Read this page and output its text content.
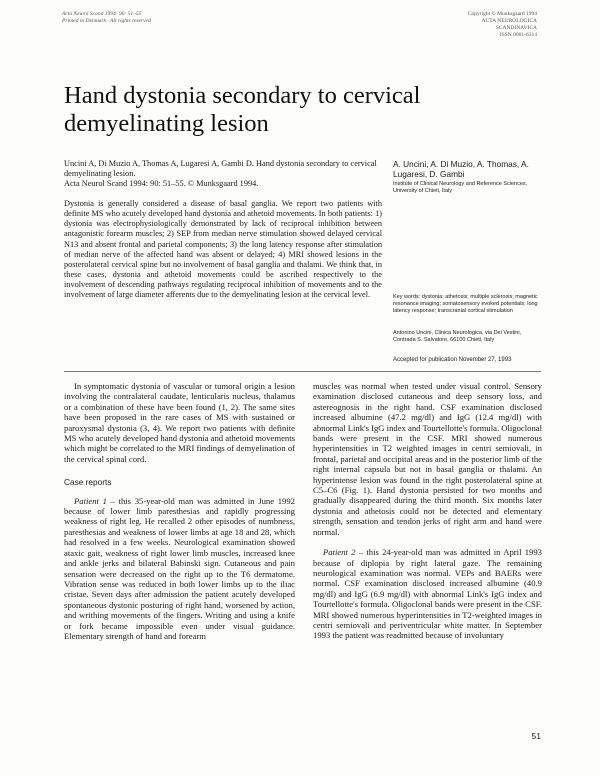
Acta Neurol Scand 1994: 90: 51–55
Printed in Denmark · All rights reserved
Copyright © Munksgaard 1994
ACTA NEUROLOGICA
SCANDINAVICA
ISSN 0001-6314
Hand dystonia secondary to cervical demyelinating lesion
Uncini A, Di Muzio A, Thomas A, Lugaresi A, Gambi D. Hand dystonia secondary to cervical demyelinating lesion.
Acta Neurol Scand 1994: 90: 51–55. © Munksgaard 1994.
Dystonia is generally considered a disease of basal ganglia. We report two patients with definite MS who acutely developed hand dystonia and athetoid movements. In both patients: 1) dystonia was electrophysiologically demonstrated by lack of reciprocal inhibition between antagonistic forearm muscles; 2) SEP from median nerve stimulation showed delayed cervical N13 and absent frontal and parietal components; 3) the long latency response after stimulation of median nerve of the affected hand was absent or delayed; 4) MRI showed lesions in the posterolateral cervical spine but no involvement of basal ganglia and thalami. We think that, in these cases, dystonia and athetoid movements could be ascribed respectively to the involvement of descending pathways regulating reciprocal inhibition of movements and to the involvement of large diameter afferents due to the demyelinating lesion at the cervical level.
A. Uncini, A. Di Muzio, A. Thomas, A. Lugaresi, D. Gambi
Institute of Clinical Neurology and Reference Sciences, University of Chieti, Italy
Key words: dystonia; athetosis; multiple sclerosis; magnetic resonance imaging; somatosensory evoked potentials; long latency response; transcranial cortical stimulation
Antonino Uncini, Clinica Neurologica, via Dei Vestini, Contrada S. Salvatore, 66100 Chieti, Italy
Accepted for publication November 27, 1993

In symptomatic dystonia of vascular or tumoral origin a lesion involving the contralateral caudate, lenticularis nucleus, thalamus or a combination of these have been found (1, 2). The same sites have been proposed in the rare cases of MS with sustained or paroxysmal dystonia (3, 4). We report two patients with definite MS who acutely developed hand dystonia and athetoid movements which might be correlated to the MRI findings of demyelination of the cervical spinal cord.

Case reports

Patient 1 – this 35-year-old man was admitted in June 1992 because of lower limb paresthesias and rapidly progressing weakness of right leg. He recalled 2 other episodes of numbness, paresthesias and weakness of lower limbs at age 18 and 28, which had resolved in a few weeks. Neurological examination showed ataxic gait, weakness of right lower limb muscles, increased knee and ankle jerks and bilateral Babinski sign. Cutaneous and pain sensation were decreased on the right up to the T6 dermatome. Vibration sense was reduced in both lower limbs up to the iliac cristae. Seven days after admission the patient acutely developed spontaneous dystonic posturing of right hand, worsened by action, and writhing movements of the fingers. Writing and using a knife or fork became impossible even under visual guidance. Elementary strength of hand and forearm

muscles was normal when tested under visual control. Sensory examination disclosed cutaneous and deep sensory loss, and astereognosis in the right hand. CSF examination disclosed increased albumine (47.2 mg/dl) and IgG (12.4 mg/dl) with abnormal Link's IgG index and Tourtellotte's formula. Oligoclonal bands were present in the CSF. MRI showed numerous hyperintensities in T2 weighted images in centri semiovali, in frontal, parietal and occipital areas and in the posterior limb of the right internal capsula but not in basal ganglia or thalami. An hyperintense lesion was found in the right posterolateral spine at C5–C6 (Fig. 1). Hand dystonia persisted for two months and gradually disappeared during the third month. Six months later dystonia and athetosis could not be detected and elementary strength, sensation and tendon jerks of right arm and hand were normal.

Patient 2 – this 24-year-old man was admitted in April 1993 because of diplopia by right lateral gaze. The remaining neurological examination was normal. VEPs and BAERs were normal. CSF examination disclosed increased albumine (40.9 mg/dl) and IgG (6.9 mg/dl) with abnormal Link's IgG index and Tourtellotte's formula. Oligoclonal bands were present in the CSF. MRI showed numerous hyperintensities in T2-weighted images in centri semiovali and periventricular white matter. In September 1993 the patient was readmitted because of involuntary

51
